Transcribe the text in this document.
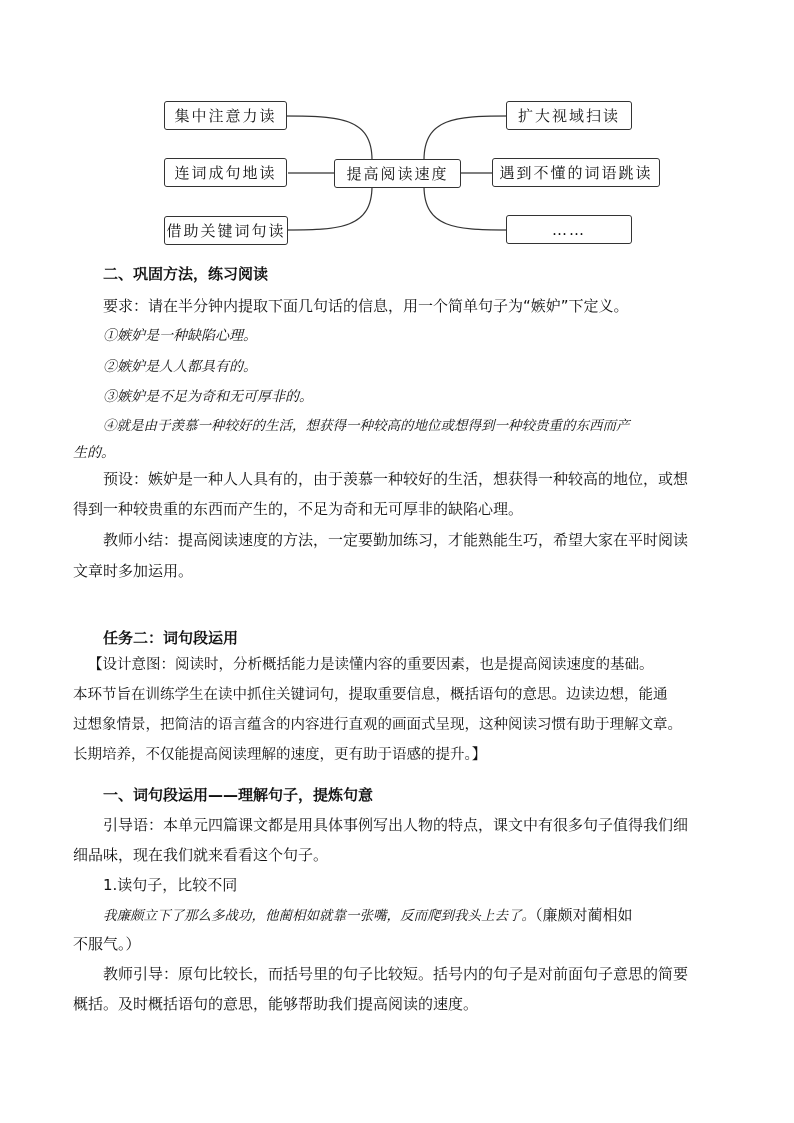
集中注意力读
连词成句地读
借助关键词句读
提高阅读速度
扩大视域扫读
遇到不懂的词语跳读
……
二、巩固方法，练习阅读
要求：请在半分钟内提取下面几句话的信息，用一个简单句子为“嫉妒”下定义。
①嫉妒是一种缺陷心理。
②嫉妒是人人都具有的。
③嫉妒是不足为奇和无可厚非的。
④就是由于羡慕一种较好的生活，想获得一种较高的地位或想得到一种较贵重的东西而产
生的。
预设：嫉妒是一种人人具有的，由于羡慕一种较好的生活，想获得一种较高的地位，或想
得到一种较贵重的东西而产生的，不足为奇和无可厚非的缺陷心理。
教师小结：提高阅读速度的方法，一定要勤加练习，才能熟能生巧，希望大家在平时阅读
文章时多加运用。
任务二：词句段运用
【设计意图：阅读时，分析概括能力是读懂内容的重要因素，也是提高阅读速度的基础。
本环节旨在训练学生在读中抓住关键词句，提取重要信息，概括语句的意思。边读边想，能通
过想象情景，把简洁的语言蕴含的内容进行直观的画面式呈现，这种阅读习惯有助于理解文章。
长期培养，不仅能提高阅读理解的速度，更有助于语感的提升。】
一、词句段运用——理解句子，提炼句意
引导语：本单元四篇课文都是用具体事例写出人物的特点，课文中有很多句子值得我们细
细品味，现在我们就来看看这个句子。
1.读句子，比较不同
我廉颇立下了那么多战功，他蔺相如就靠一张嘴，反而爬到我头上去了。（廉颇对蔺相如
不服气。）
教师引导：原句比较长，而括号里的句子比较短。括号内的句子是对前面句子意思的简要
概括。及时概括语句的意思，能够帮助我们提高阅读的速度。
